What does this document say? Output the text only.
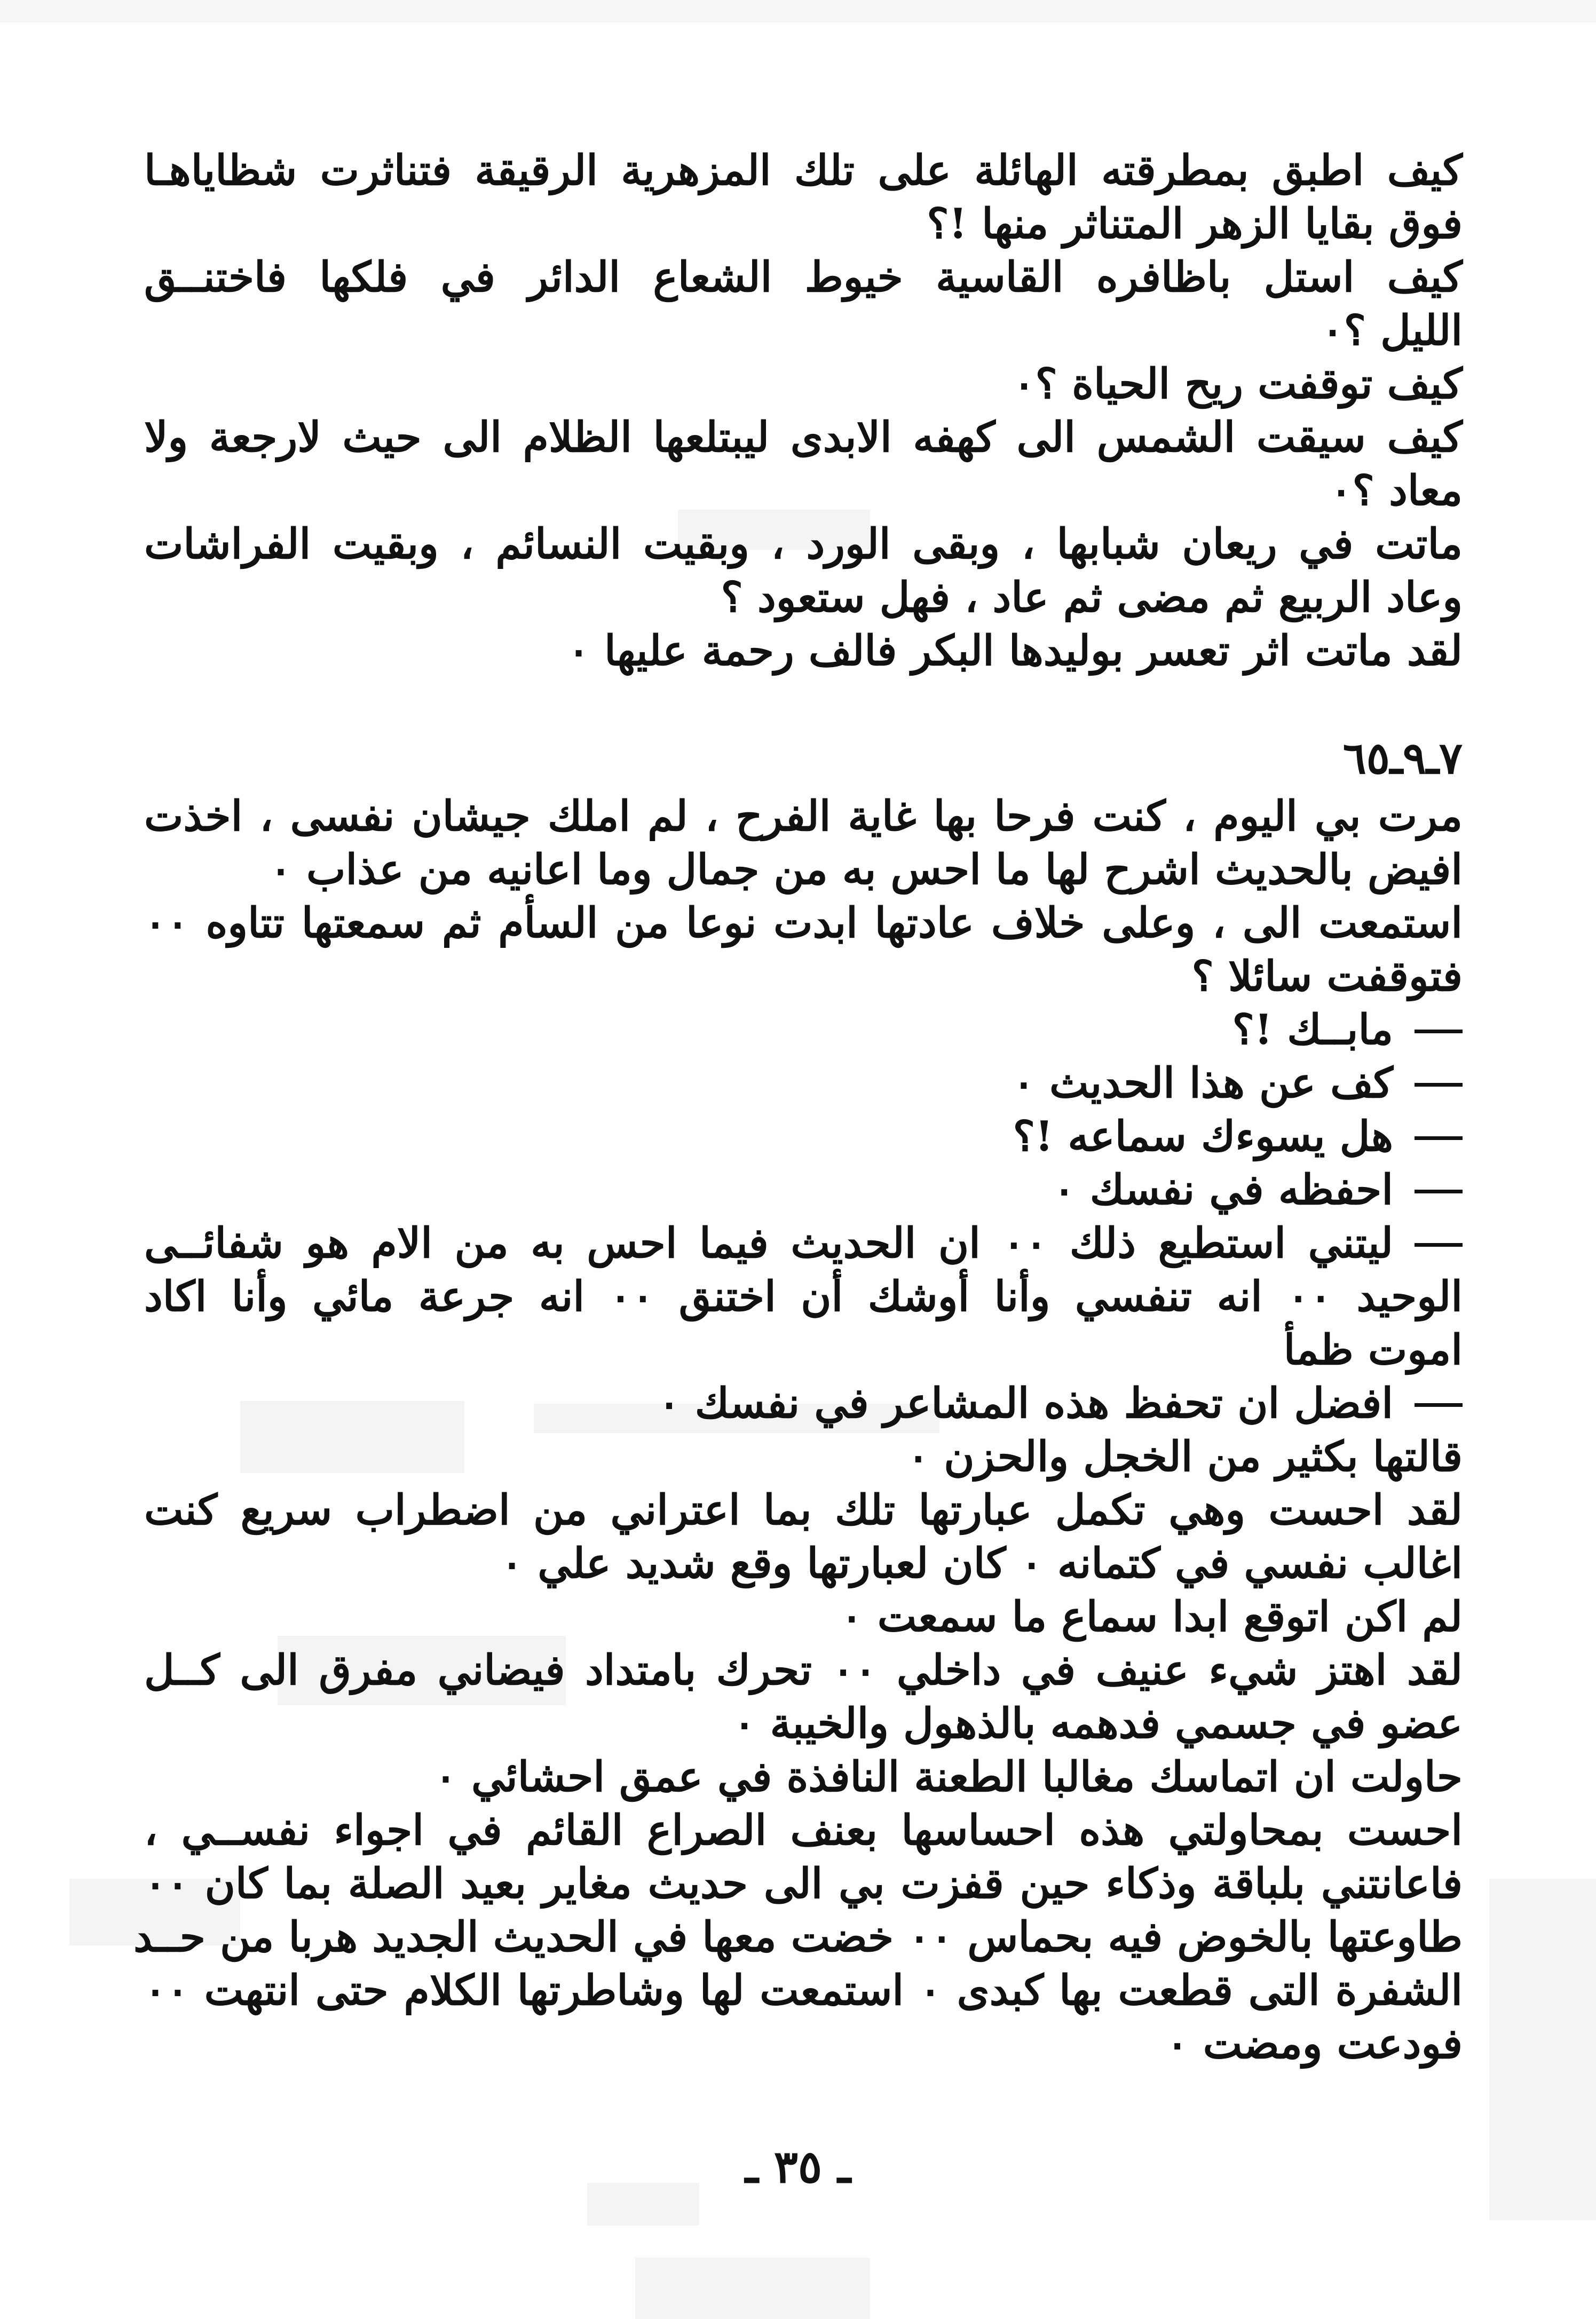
كيف اطبق بمطرقته الهائلة على تلك المزهرية الرقيقة فتناثرت شظاياهـا
فوق بقايا الزهر المتناثر منها !؟
كيف استل باظافره القاسية خيوط الشعاع الدائر في فلكها فاختنــق
الليل ؟٠
كيف توقفت ريح الحياة ؟٠
كيف سيقت الشمس الى كهفه الابدى ليبتلعها الظلام الى حيث لارجعة ولا
معاد ؟٠
ماتت في ريعان شبابها ، وبقى الورد ، وبقيت النسائم ، وبقيت الفراشات
وعاد الربيع ثم مضى ثم عاد ، فهل ستعود ؟
لقد ماتت اثر تعسر بوليدها البكر فالف رحمة عليها ٠
٧ـ٩ـ٦٥
مرت بي اليوم ، كنت فرحا بها غاية الفرح ، لم املك جيشان نفسى ، اخذت
افيض بالحديث اشرح لها ما احس به من جمال وما اعانيه من عذاب ٠
استمعت الى ، وعلى خلاف عادتها ابدت نوعا من السأم ثم سمعتها تتاوه ٠٠
فتوقفت سائلا ؟
مابــك !؟
كف عن هذا الحديث ٠
هل يسوءك سماعه !؟
احفظه في نفسك ٠
ليتني استطيع ذلك ٠٠ ان الحديث فيما احس به من الام هو شفائــى
الوحيد ٠٠ انه تنفسي وأنا أوشك أن اختنق ٠٠ انه جرعة مائي وأنا اكاد
اموت ظمأ
افضل ان تحفظ هذه المشاعر في نفسك ٠
قالتها بكثير من الخجل والحزن ٠
لقد احست وهي تكمل عبارتها تلك بما اعتراني من اضطراب سريع كنت
اغالب نفسي في كتمانه ٠ كان لعبارتها وقع شديد علي ٠
لم اكن اتوقع ابدا سماع ما سمعت ٠
لقد اهتز شيء عنيف في داخلي ٠٠ تحرك بامتداد فيضاني مفرق الى كــل
عضو في جسمي فدهمه بالذهول والخيبة ٠
حاولت ان اتماسك مغالبا الطعنة النافذة في عمق احشائي ٠
احست بمحاولتي هذه احساسها بعنف الصراع القائم في اجواء نفســي ،
فاعانتني بلباقة وذكاء حين قفزت بي الى حديث مغاير بعيد الصلة بما كان ٠٠
طاوعتها بالخوض فيه بحماس ٠٠ خضت معها في الحديث الجديد هربا من حــد
الشفرة التى قطعت بها كبدى ٠ استمعت لها وشاطرتها الكلام حتى انتهت ٠٠
فودعت ومضت ٠
ـ ٣٥ ـ
